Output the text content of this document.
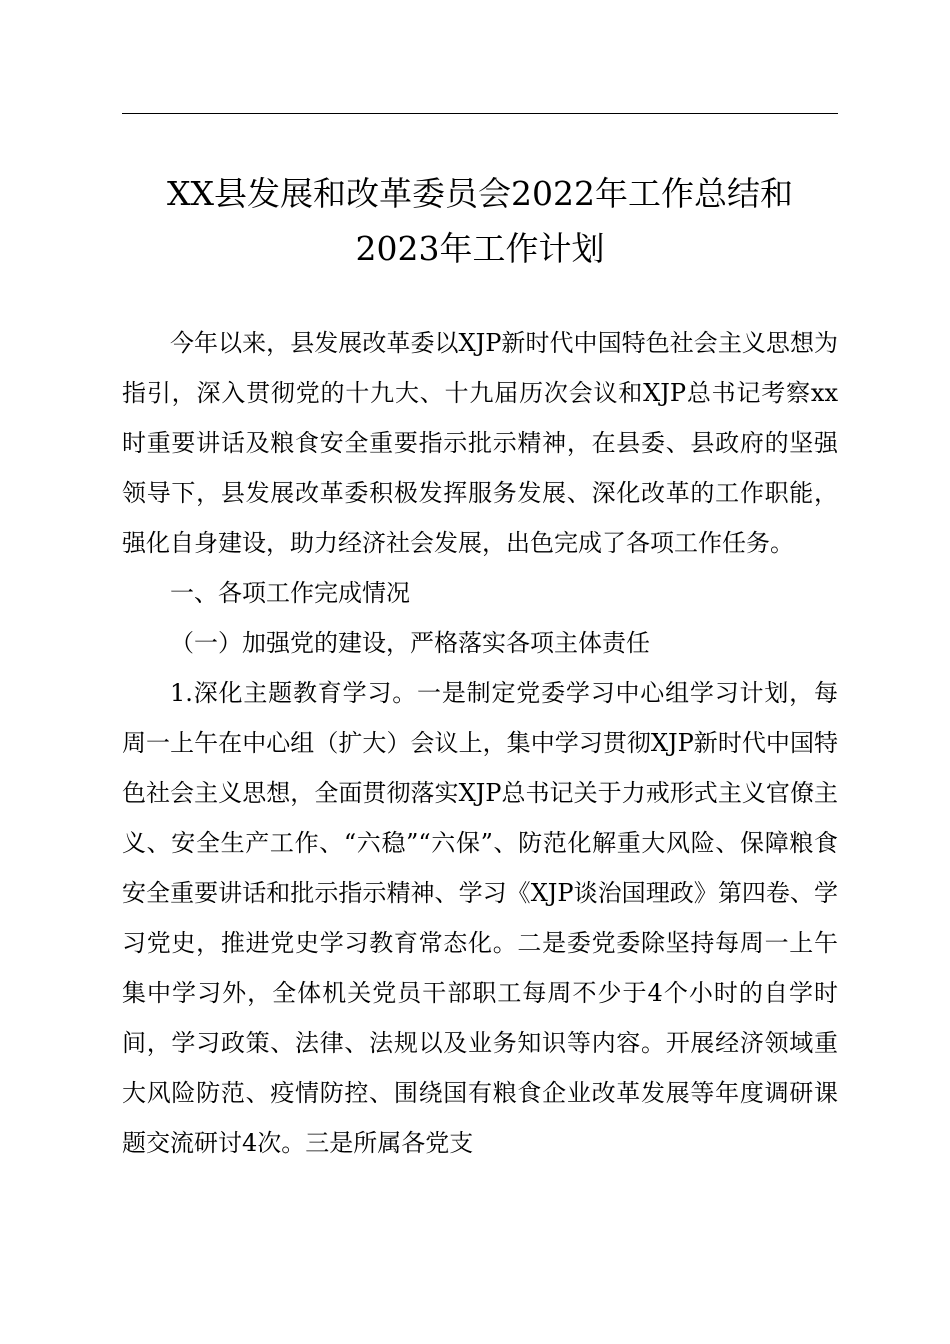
XX县发展和改革委员会2022年工作总结和
2023年工作计划

今年以来，县发展改革委以XJP新时代中国特色社会主义思想为指引，深入贯彻党的十九大、十九届历次会议和XJP总书记考察xx时重要讲话及粮食安全重要指示批示精神，在县委、县政府的坚强领导下，县发展改革委积极发挥服务发展、深化改革的工作职能，强化自身建设，助力经济社会发展，出色完成了各项工作任务。

一、各项工作完成情况

（一）加强党的建设，严格落实各项主体责任

1.深化主题教育学习。一是制定党委学习中心组学习计划，每周一上午在中心组（扩大）会议上，集中学习贯彻XJP新时代中国特色社会主义思想，全面贯彻落实XJP总书记关于力戒形式主义官僚主义、安全生产工作、“六稳”“六保”、防范化解重大风险、保障粮食安全重要讲话和批示指示精神、学习《XJP谈治国理政》第四卷、学习党史，推进党史学习教育常态化。二是委党委除坚持每周一上午集中学习外，全体机关党员干部职工每周不少于4个小时的自学时间，学习政策、法律、法规以及业务知识等内容。开展经济领域重大风险防范、疫情防控、围绕国有粮食企业改革发展等年度调研课题交流研讨4次。三是所属各党支
